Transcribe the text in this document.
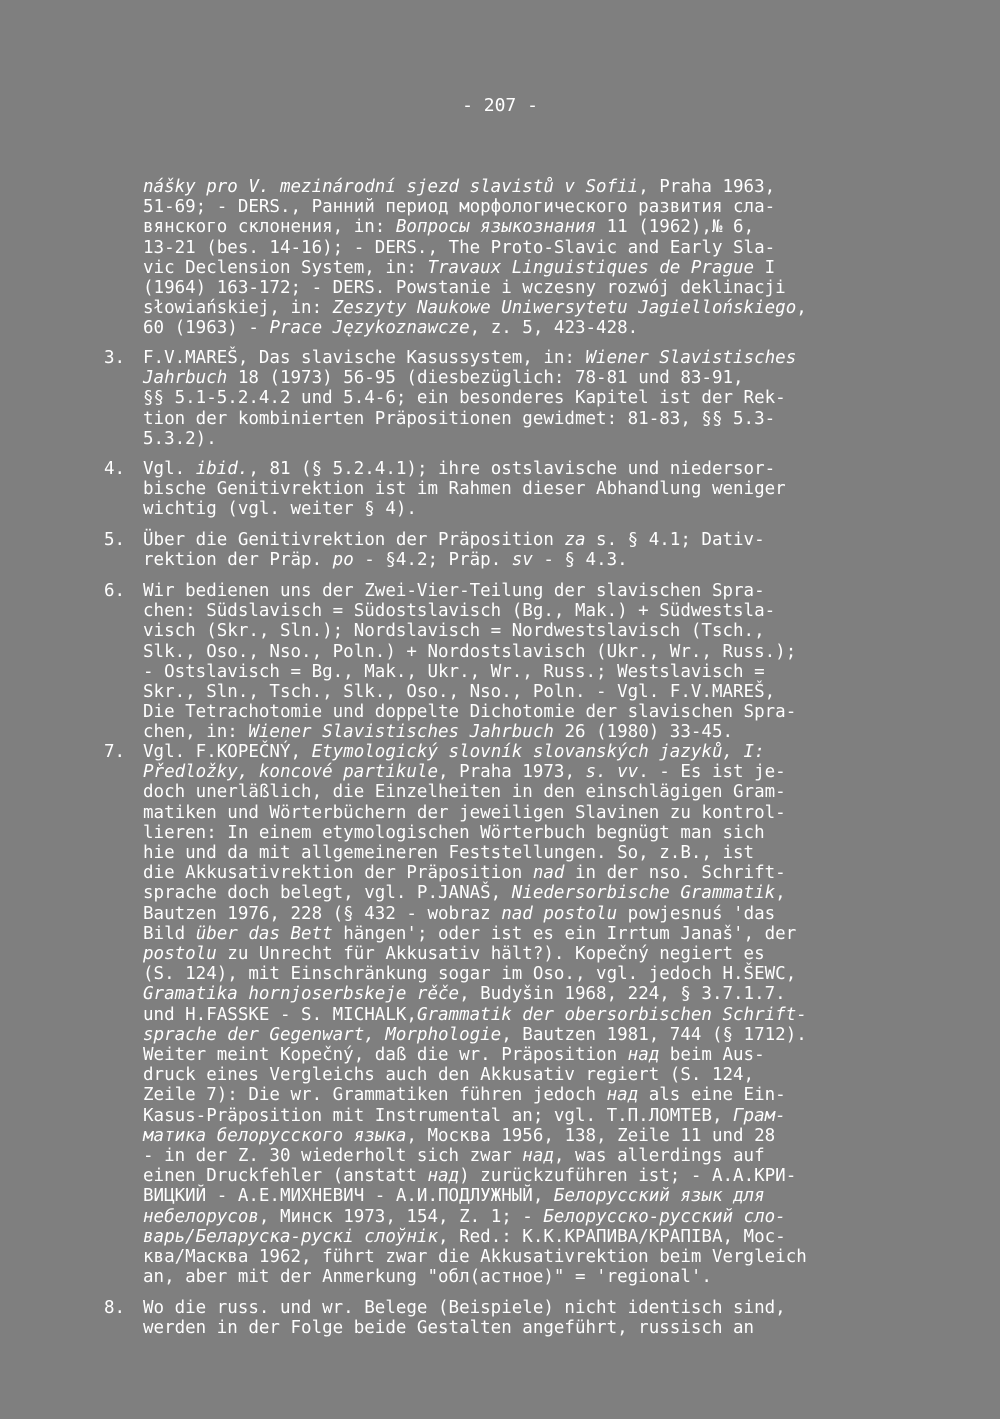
- 207 -
nášky pro V. mezinárodní sjezd slavistů v Sofii, Praha 1963,
51-69; - DERS., Ранний период морфологического развития сла-
вянского склонения, in: Вопросы языкознания 11 (1962),№ 6,
13-21 (bes. 14-16); - DERS., The Proto-Slavic and Early Sla-
vic Declension System, in: Travaux Linguistiques de Prague I
(1964) 163-172; - DERS. Powstanie i wczesny rozwój deklinacji
słowiańskiej, in: Zeszyty Naukowe Uniwersytetu Jagiellońskiego,
60 (1963) - Prace Językoznawcze, z. 5, 423-428.
F.V.MAREŠ, Das slavische Kasussystem, in: Wiener Slavistisches
3.
Jahrbuch 18 (1973) 56-95 (diesbezüglich: 78-81 und 83-91,
§§ 5.1-5.2.4.2 und 5.4-6; ein besonderes Kapitel ist der Rek-
tion der kombinierten Präpositionen gewidmet: 81-83, §§ 5.3-
5.3.2).
Vgl. ibid., 81 (§ 5.2.4.1); ihre ostslavische und niedersor-
4.
bische Genitivrektion ist im Rahmen dieser Abhandlung weniger
wichtig (vgl. weiter § 4).
Über die Genitivrektion der Präposition za s. § 4.1; Dativ-
5.
rektion der Präp. po - §4.2; Präp. sv - § 4.3.
Wir bedienen uns der Zwei-Vier-Teilung der slavischen Spra-
6.
chen: Südslavisch = Südostslavisch (Bg., Mak.) + Südwestsla-
visch (Skr., Sln.); Nordslavisch = Nordwestslavisch (Tsch.,
Slk., Oso., Nso., Poln.) + Nordostslavisch (Ukr., Wr., Russ.);
- Ostslavisch = Bg., Mak., Ukr., Wr., Russ.; Westslavisch =
Skr., Sln., Tsch., Slk., Oso., Nso., Poln. - Vgl. F.V.MAREŠ,
Die Tetrachotomie und doppelte Dichotomie der slavischen Spra-
chen, in: Wiener Slavistisches Jahrbuch 26 (1980) 33-45.
Vgl. F.KOPEČNÝ, Etymologický slovník slovanských jazyků, I:
7.
Předložky, koncové partikule, Praha 1973, s. vv. - Es ist je-
doch unerläßlich, die Einzelheiten in den einschlägigen Gram-
matiken und Wörterbüchern der jeweiligen Slavinen zu kontrol-
lieren: In einem etymologischen Wörterbuch begnügt man sich
hie und da mit allgemeineren Feststellungen. So, z.B., ist
die Akkusativrektion der Präposition nad in der nso. Schrift-
sprache doch belegt, vgl. P.JANAŠ, Niedersorbische Grammatik,
Bautzen 1976, 228 (§ 432 - wobraz nad postolu powjesnuś 'das
Bild über das Bett hängen'; oder ist es ein Irrtum Janaš', der
postolu zu Unrecht für Akkusativ hält?). Kopečný negiert es
(S. 124), mit Einschränkung sogar im Oso., vgl. jedoch H.ŠEWC,
Gramatika hornjoserbskeje rěče, Budyšin 1968, 224, § 3.7.1.7.
und H.FASSKE - S. MICHALK,Grammatik der obersorbischen Schrift-
sprache der Gegenwart, Morphologie, Bautzen 1981, 744 (§ 1712).
Weiter meint Kopečný, daß die wr. Präposition над beim Aus-
druck eines Vergleichs auch den Akkusativ regiert (S. 124,
Zeile 7): Die wr. Grammatiken führen jedoch над als eine Ein-
Kasus-Präposition mit Instrumental an; vgl. Т.П.ЛОМТЕВ, Грам-
матика белорусского языка, Москва 1956, 138, Zeile 11 und 28
- in der Z. 30 wiederholt sich zwar над, was allerdings auf
einen Druckfehler (anstatt над) zurückzuführen ist; - А.А.КРИ-
ВИЦКИЙ - А.Е.МИХНЕВИЧ - А.И.ПОДЛУЖНЫЙ, Белорусский язык для
небелорусов, Минск 1973, 154, Z. 1; - Белорусско-русский сло-
варь/Беларуска-рускі слоўнік, Red.: К.К.КРАПИВА/КРАПІВА, Мос-
ква/Масква 1962, führt zwar die Akkusativrektion beim Vergleich
an, aber mit der Anmerkung "обл(астное)" = 'regional'.
Wo die russ. und wr. Belege (Beispiele) nicht identisch sind,
8.
werden in der Folge beide Gestalten angeführt, russisch an
